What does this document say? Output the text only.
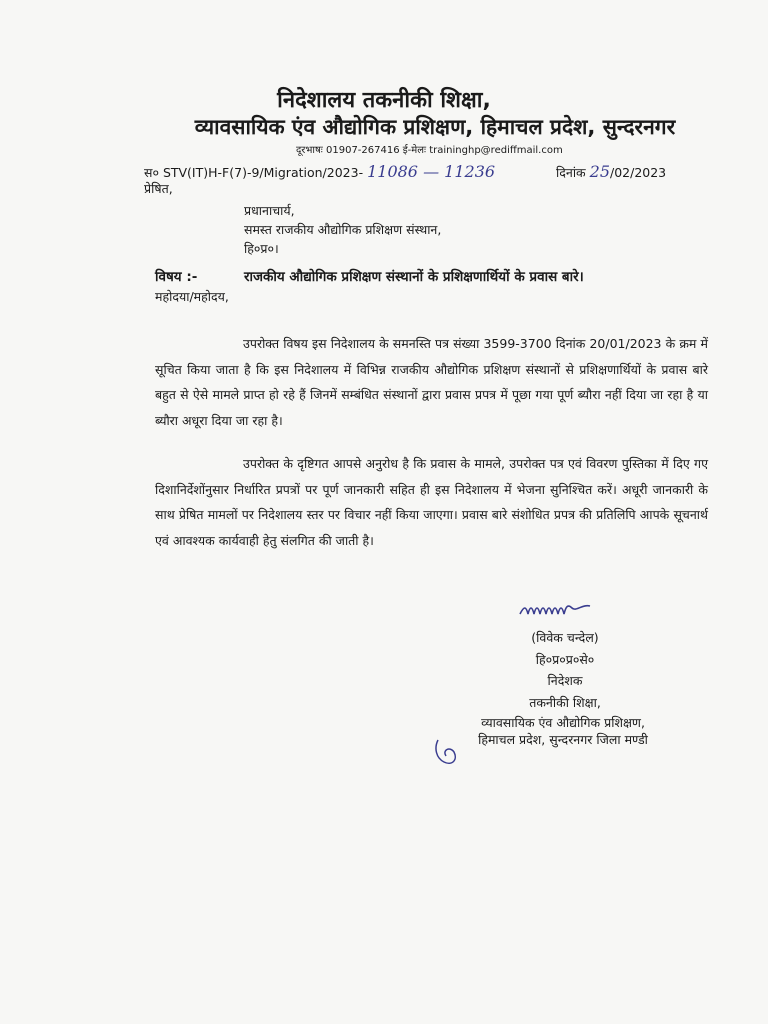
निदेशालय तकनीकी शिक्षा,
व्यावसायिक एंव औद्योगिक प्रशिक्षण, हिमाचल प्रदेश, सुन्दरनगर
दूरभाषः 01907-267416 ई-मेलः traininghp@rediffmail.com
स० STV(IT)H-F(7)-9/Migration/2023- 11086 — 11236	दिनांक 25/02/2023
प्रेषित,
प्रधानाचार्य,
समस्त राजकीय औद्योगिक प्रशिक्षण संस्थान,
हि०प्र०।
विषय :-	राजकीय औद्योगिक प्रशिक्षण संस्थानों के प्रशिक्षणार्थियों के प्रवास बारे।
महोदया/महोदय,
उपरोक्त विषय इस निदेशालय के समनस्ति पत्र संख्या 3599-3700 दिनांक 20/01/2023 के क्रम में सूचित किया जाता है कि इस निदेशालय में विभिन्न राजकीय औद्योगिक प्रशिक्षण संस्थानों से प्रशिक्षणार्थियों के प्रवास बारे बहुत से ऐसे मामले प्राप्त हो रहे हैं जिनमें सम्बंधित संस्थानों द्वारा प्रवास प्रपत्र में पूछा गया पूर्ण ब्यौरा नहीं दिया जा रहा है या ब्यौरा अधूरा दिया जा रहा है।
उपरोक्त के दृष्टिगत आपसे अनुरोध है कि प्रवास के मामले, उपरोक्त पत्र एवं विवरण पुस्तिका में दिए गए दिशानिर्देशोंनुसार निर्धारित प्रपत्रों पर पूर्ण जानकारी सहित ही इस निदेशालय में भेजना सुनिश्चित करें। अधूरी जानकारी के साथ प्रेषित मामलों पर निदेशालय स्तर पर विचार नहीं किया जाएगा। प्रवास बारे संशोधित प्रपत्र की प्रतिलिपि आपके सूचनार्थ एवं आवश्यक कार्यवाही हेतु संलगित की जाती है।
(विवेक चन्देल)
हि०प्र०प्र०से०
निदेशक
तकनीकी शिक्षा,
व्यावसायिक एंव औद्योगिक प्रशिक्षण,
हिमाचल प्रदेश, सुन्दरनगर जिला मण्डी
